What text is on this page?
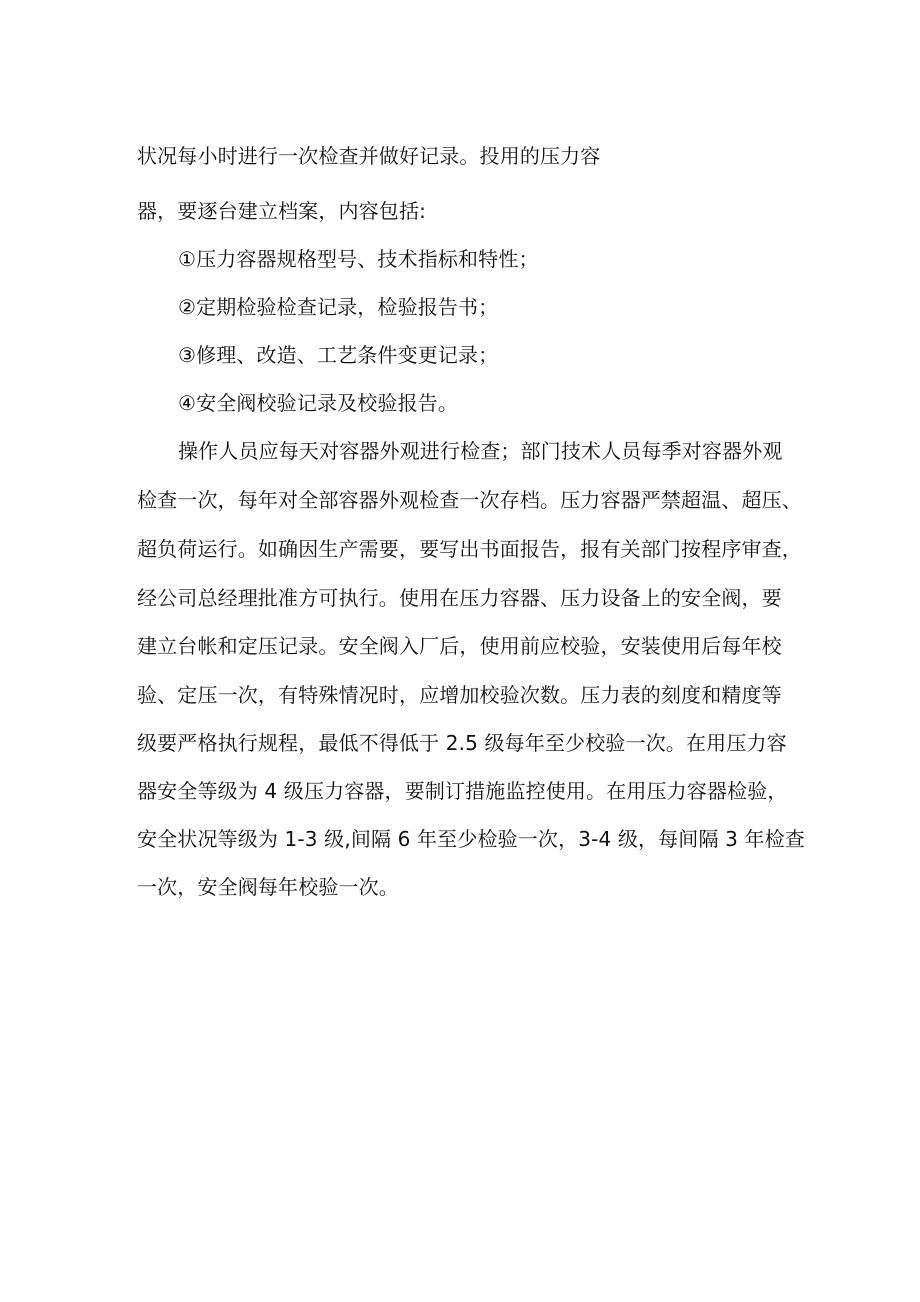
状况每小时进行一次检查并做好记录。投用的压力容
器，要逐台建立档案，内容包括:
①压力容器规格型号、技术指标和特性；
②定期检验检查记录，检验报告书；
③修理、改造、工艺条件变更记录；
④安全阀校验记录及校验报告。
操作人员应每天对容器外观进行检查；部门技术人员每季对容器外观
检查一次，每年对全部容器外观检查一次存档。压力容器严禁超温、超压、
超负荷运行。如确因生产需要，要写出书面报告，报有关部门按程序审查，
经公司总经理批准方可执行。使用在压力容器、压力设备上的安全阀，要
建立台帐和定压记录。安全阀入厂后，使用前应校验，安装使用后每年校
验、定压一次，有特殊情况时，应增加校验次数。压力表的刻度和精度等
级要严格执行规程，最低不得低于 2.5 级每年至少校验一次。在用压力容
器安全等级为 4 级压力容器，要制订措施监控使用。在用压力容器检验，
安全状况等级为 1-3 级,间隔 6 年至少检验一次，3-4 级，每间隔 3 年检查
一次，安全阀每年校验一次。
